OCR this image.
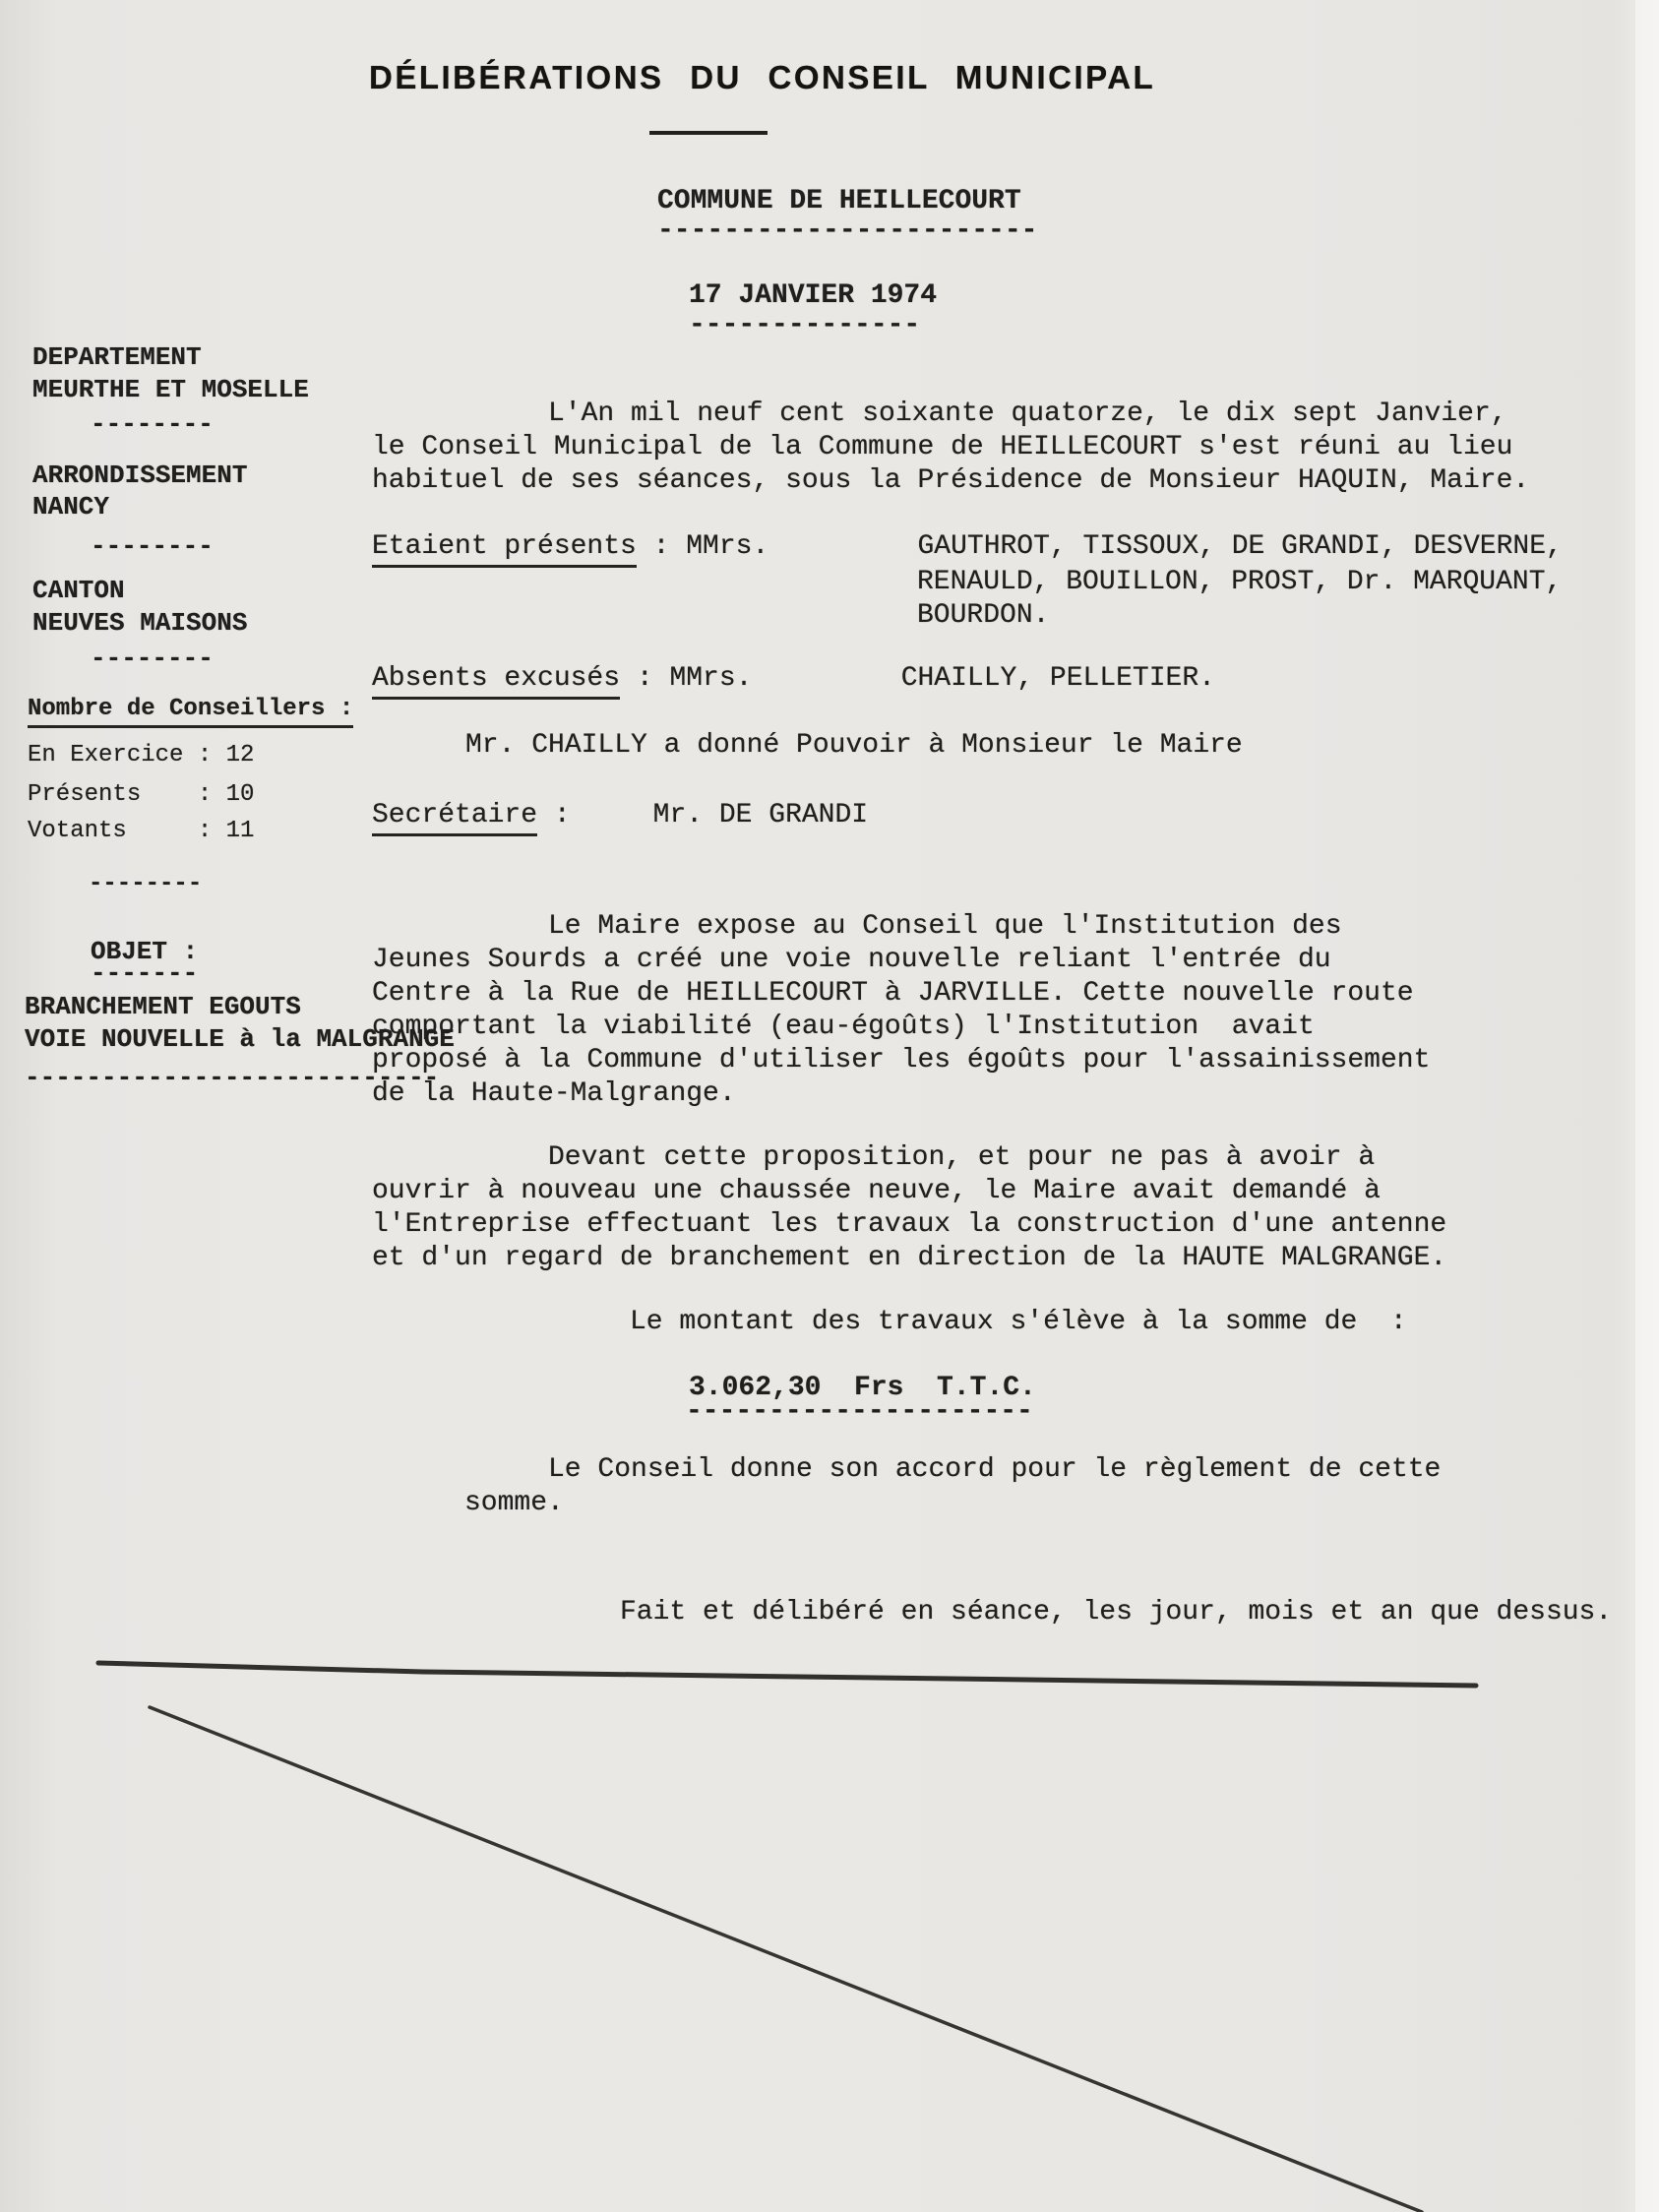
DÉLIBÉRATIONS DU CONSEIL MUNICIPAL
COMMUNE DE HEILLECOURT
-----------------------
17 JANVIER 1974
--------------
DEPARTEMENT
MEURTHE ET MOSELLE
--------
ARRONDISSEMENT
NANCY
--------
CANTON
NEUVES MAISONS
--------
Nombre de Conseillers :
En Exercice : 12
Présents    : 10
Votants     : 11
--------
OBJET :
-------
BRANCHEMENT EGOUTS
VOIE NOUVELLE à la MALGRANGE
---------------------------
L'An mil neuf cent soixante quatorze, le dix sept Janvier,
le Conseil Municipal de la Commune de HEILLECOURT s'est réuni au lieu
habituel de ses séances, sous la Présidence de Monsieur HAQUIN, Maire.
Etaient présents : MMrs.         GAUTHROT, TISSOUX, DE GRANDI, DESVERNE,
RENAULD, BOUILLON, PROST, Dr. MARQUANT,
BOURDON.
Absents excusés : MMrs.         CHAILLY, PELLETIER.
Mr. CHAILLY a donné Pouvoir à Monsieur le Maire
Secrétaire :     Mr. DE GRANDI
Le Maire expose au Conseil que l'Institution des
Jeunes Sourds a créé une voie nouvelle reliant l'entrée du
Centre à la Rue de HEILLECOURT à JARVILLE. Cette nouvelle route
comportant la viabilité (eau-égoûts) l'Institution  avait
proposé à la Commune d'utiliser les égoûts pour l'assainissement
de la Haute-Malgrange.
Devant cette proposition, et pour ne pas à avoir à
ouvrir à nouveau une chaussée neuve, le Maire avait demandé à
l'Entreprise effectuant les travaux la construction d'une antenne
et d'un regard de branchement en direction de la HAUTE MALGRANGE.
Le montant des travaux s'élève à la somme de  :
3.062,30  Frs  T.T.C.
---------------------
Le Conseil donne son accord pour le règlement de cette
somme.
Fait et délibéré en séance, les jour, mois et an que dessus.
